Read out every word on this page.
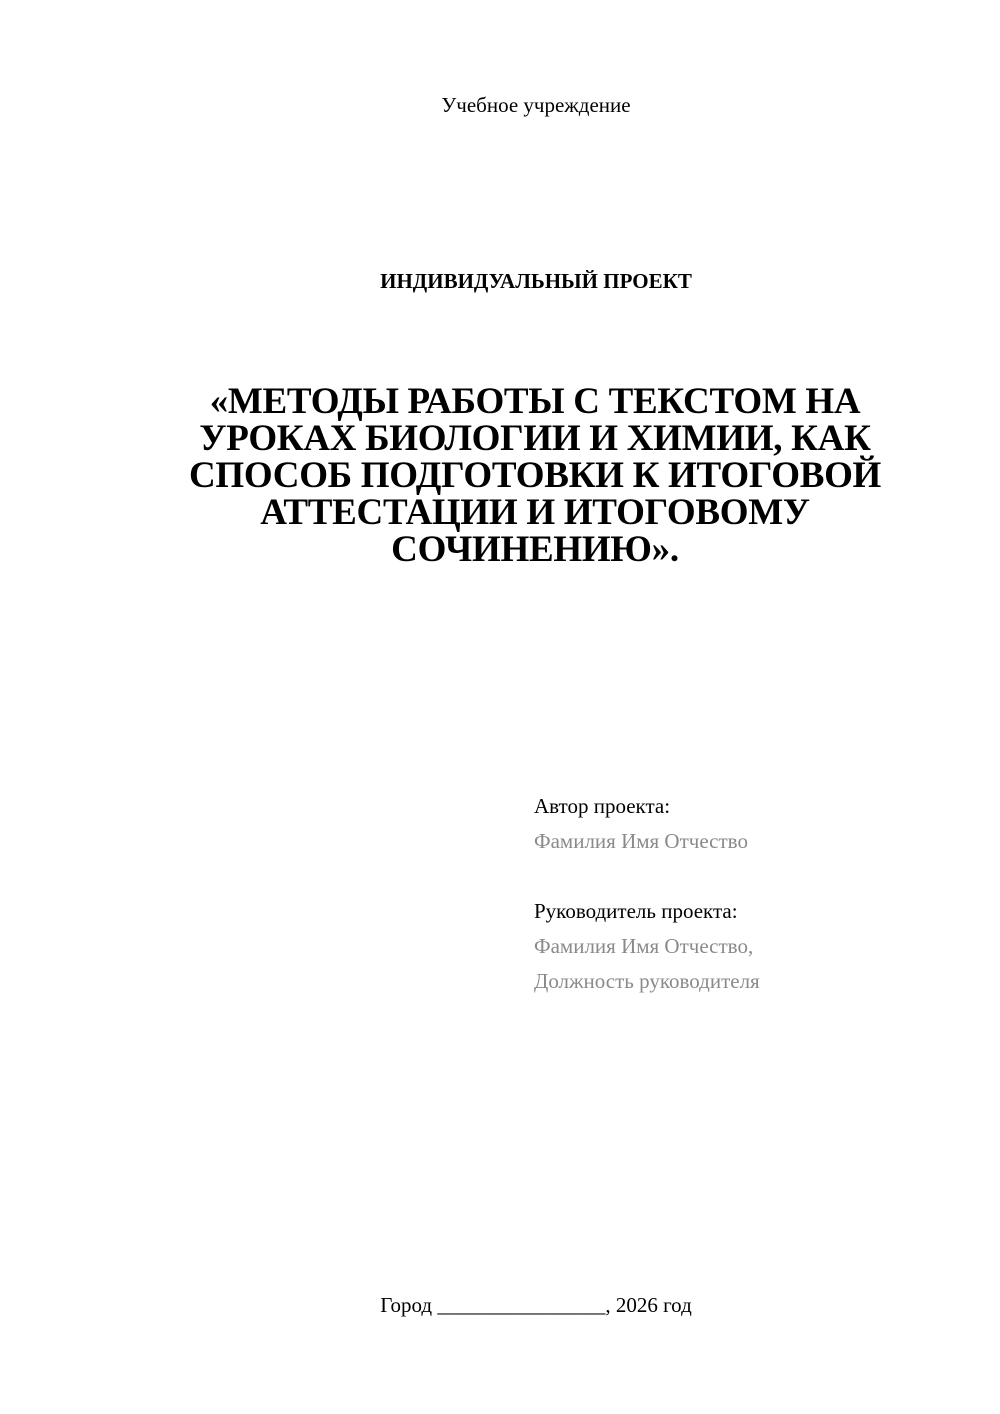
Учебное учреждение
ИНДИВИДУАЛЬНЫЙ ПРОЕКТ
«МЕТОДЫ РАБОТЫ С ТЕКСТОМ НА
УРОКАХ БИОЛОГИИ И ХИМИИ, КАК
СПОСОБ ПОДГОТОВКИ К ИТОГОВОЙ
АТТЕСТАЦИИ И ИТОГОВОМУ
СОЧИНЕНИЮ».
Автор проекта:
Фамилия Имя Отчество
Руководитель проекта:
Фамилия Имя Отчество,
Должность руководителя
Город ________________, 2026 год
